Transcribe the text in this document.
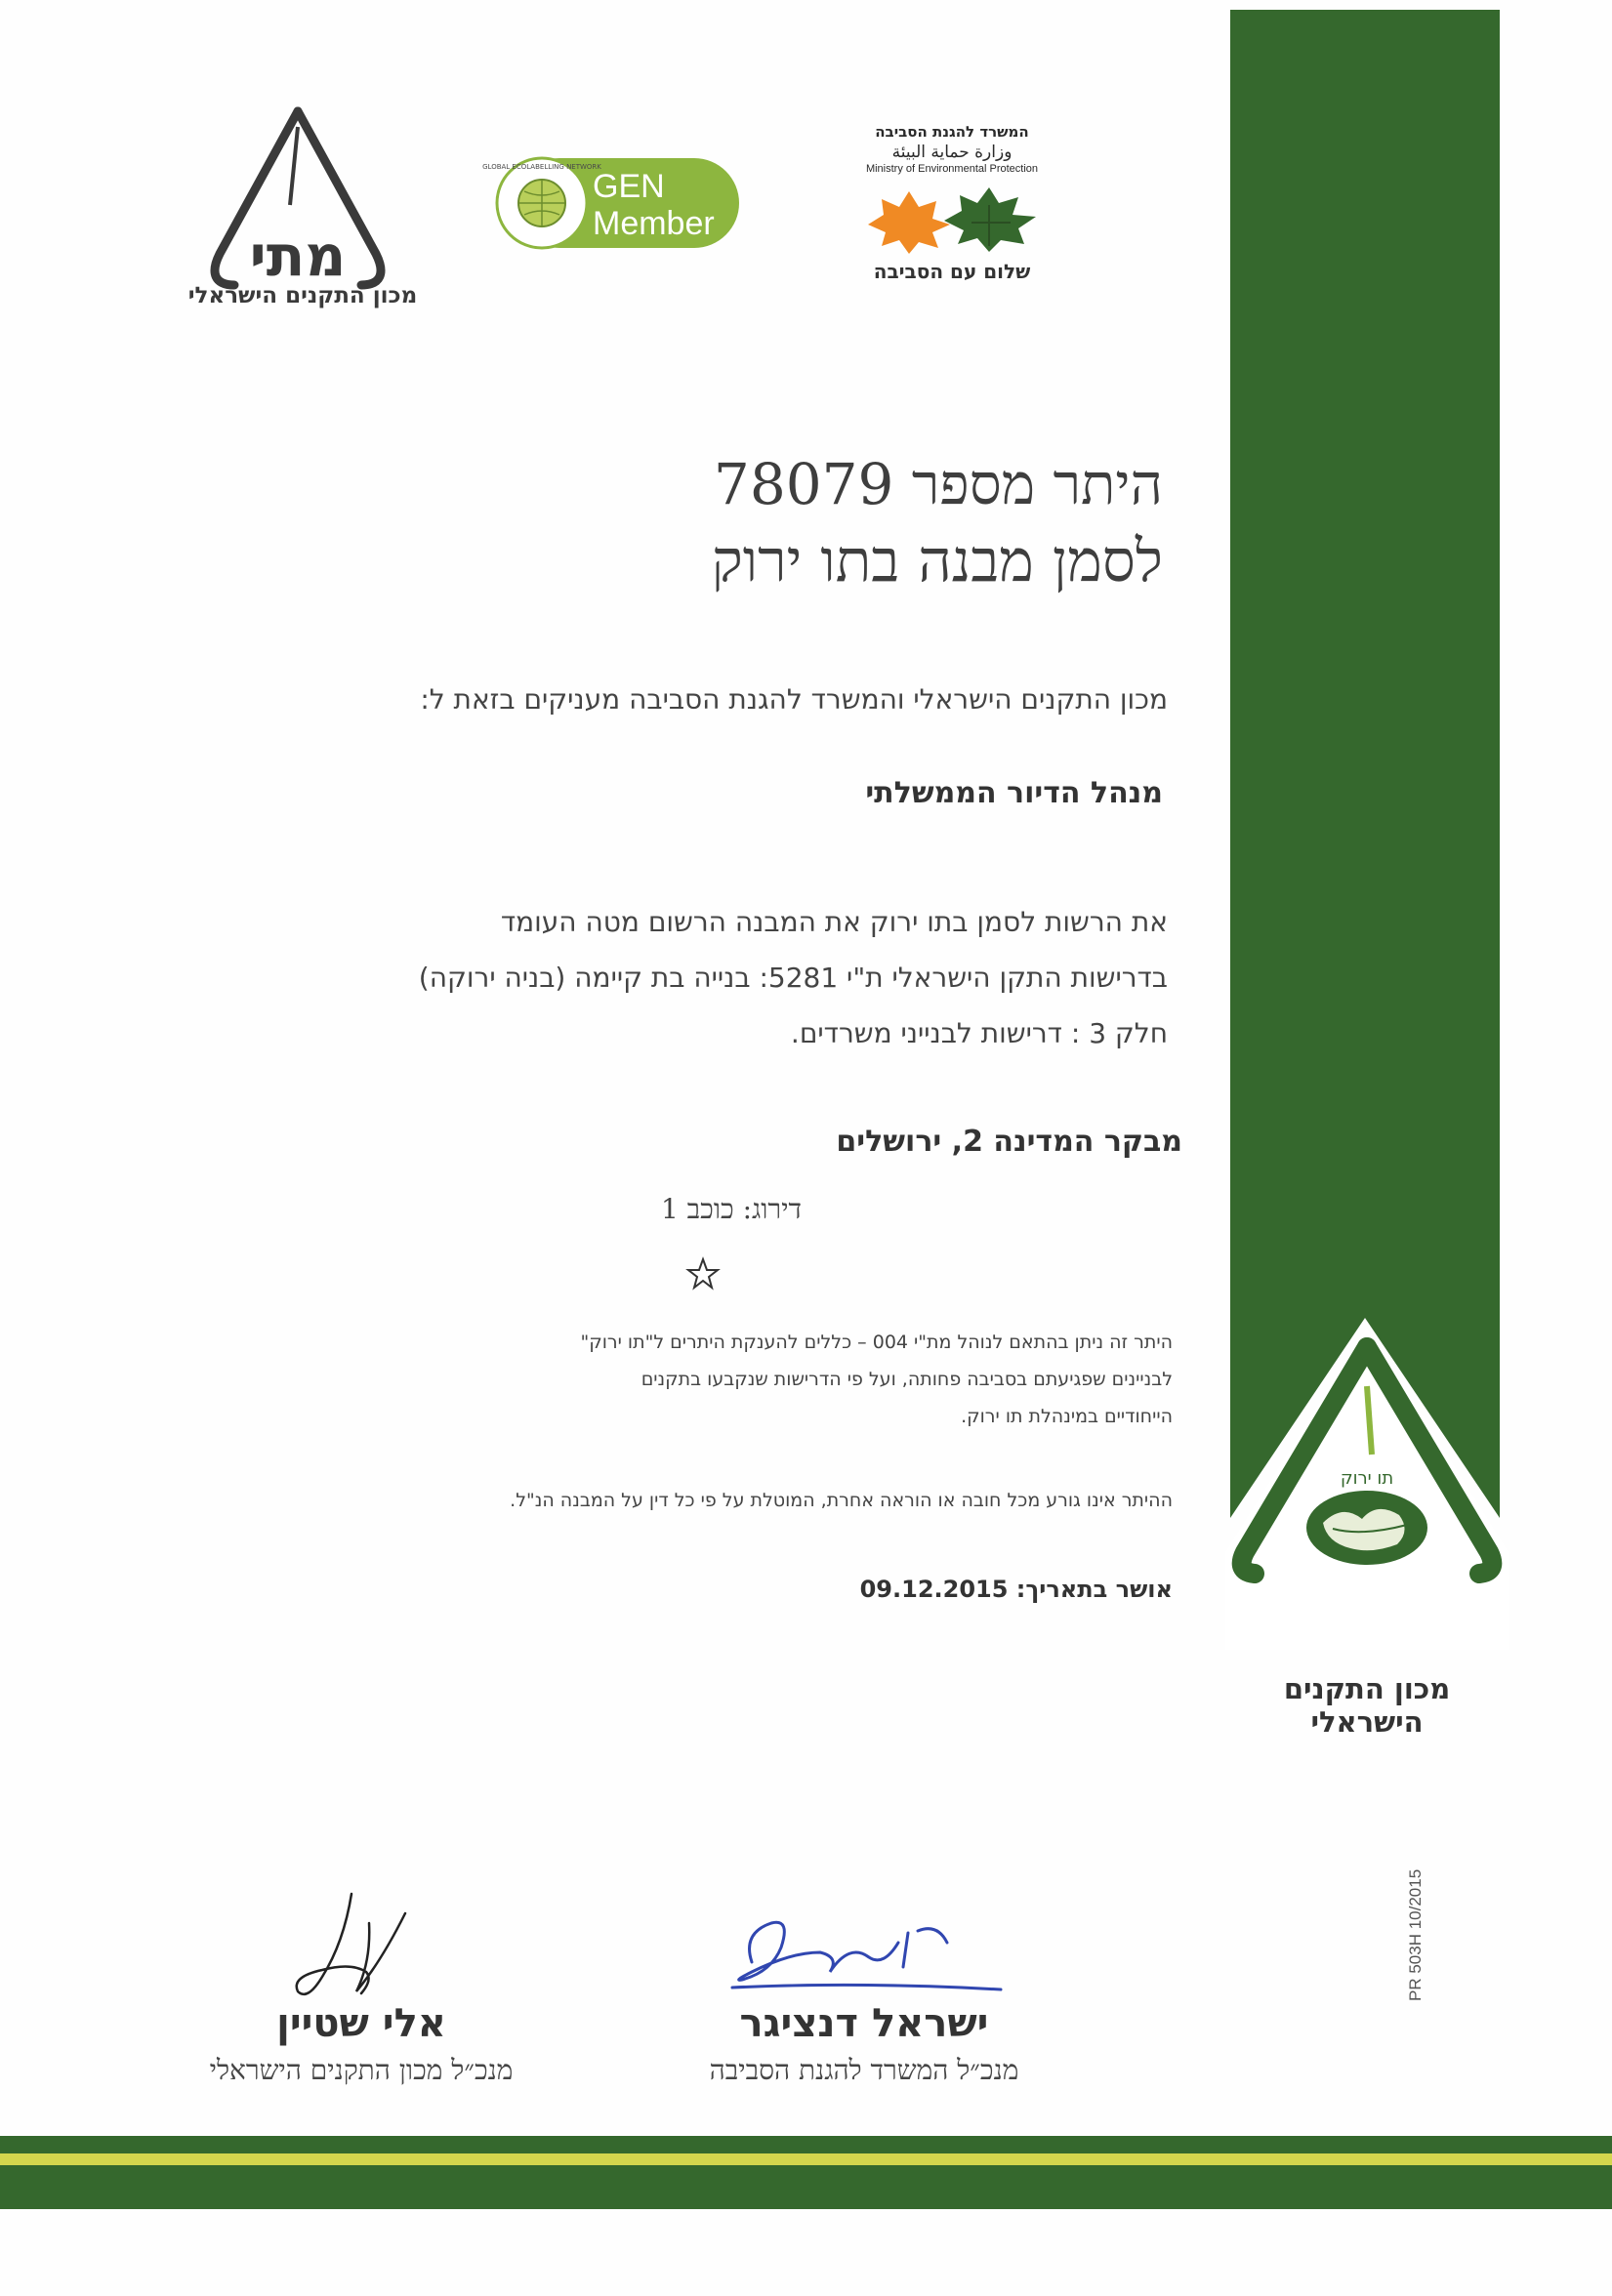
מתי
מכון התקנים הישראלי
GLOBAL ECOLABELLING NETWORK
GEN
Member
המשרד להגנת הסביבה
وزارة حماية البيئة
Ministry of Environmental Protection
שלום עם הסביבה
היתר מספר 78079
לסמן מבנה בתו ירוק
מכון התקנים הישראלי והמשרד להגנת הסביבה מעניקים בזאת ל:
מנהל הדיור הממשלתי
את הרשות לסמן בתו ירוק את המבנה הרשום מטה העומד
בדרישות התקן הישראלי ת"י 5281: בנייה בת קיימה (בניה ירוקה)
חלק 3 : דרישות לבנייני משרדים.
מבקר המדינה 2, ירושלים
דירוג: כוכב 1
היתר זה ניתן בהתאם לנוהל מת"י 004 – כללים להענקת היתרים ל"תו ירוק"
לבניינים שפגיעתם בסביבה פחותה, ועל פי הדרישות שנקבעו בתקנים
הייחודיים במינהלת תו ירוק.
ההיתר אינו גורע מכל חובה או הוראה אחרת, המוטלת על פי כל דין על המבנה הנ"ל.
אושר בתאריך: 09.12.2015
תו ירוק
מכון התקנים הישראלי
אלי שטיין
מנכ״ל מכון התקנים הישראלי
ישראל דנציגר
מנכ״ל המשרד להגנת הסביבה
PR 503H 10/2015
